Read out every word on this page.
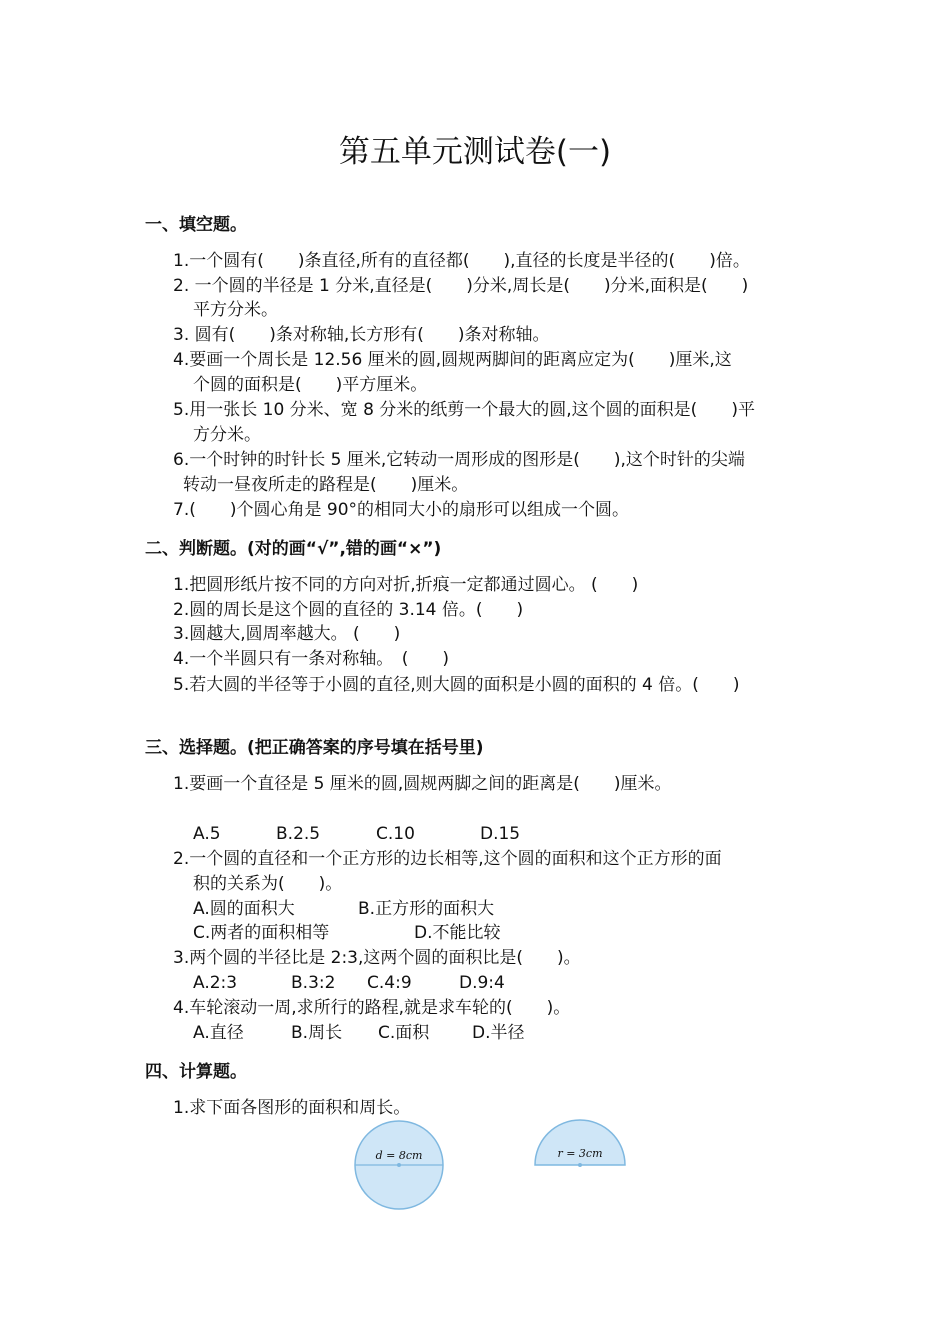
第五单元测试卷(一)
一、填空题。
1.一个圆有(　　)条直径,所有的直径都(　　),直径的长度是半径的(　　)倍。
2. 一个圆的半径是 1 分米,直径是(　　)分米,周长是(　　)分米,面积是(　　)
平方分米。
3. 圆有(　　)条对称轴,长方形有(　　)条对称轴。
4.要画一个周长是 12.56 厘米的圆,圆规两脚间的距离应定为(　　)厘米,这
个圆的面积是(　　)平方厘米。
5.用一张长 10 分米、宽 8 分米的纸剪一个最大的圆,这个圆的面积是(　　)平
方分米。
6.一个时钟的时针长 5 厘米,它转动一周形成的图形是(　　),这个时针的尖端
转动一昼夜所走的路程是(　　)厘米。
7.(　　)个圆心角是 90°的相同大小的扇形可以组成一个圆。
二、判断题。(对的画“√”,错的画“×”)
1.把圆形纸片按不同的方向对折,折痕一定都通过圆心。 (　　)
2.圆的周长是这个圆的直径的 3.14 倍。(　　)
3.圆越大,圆周率越大。 (　　)
4.一个半圆只有一条对称轴。　(　　)
5.若大圆的半径等于小圆的直径,则大圆的面积是小圆的面积的 4 倍。(　　)
三、选择题。(把正确答案的序号填在括号里)
1.要画一个直径是 5 厘米的圆,圆规两脚之间的距离是(　　)厘米。
A.5	B.2.5	C.10	D.15
2.一个圆的直径和一个正方形的边长相等,这个圆的面积和这个正方形的面
积的关系为(　　)。
A.圆的面积大	B.正方形的面积大
C.两者的面积相等	D.不能比较
3.两个圆的半径比是 2:3,这两个圆的面积比是(　　)。
A.2:3	B.3:2 C.4:9	D.9:4
4.车轮滚动一周,求所行的路程,就是求车轮的(　　)。
A.直径	B.周长 C.面积	D.半径
四、计算题。
1.求下面各图形的面积和周长。
d = 8cm	r = 3cm
